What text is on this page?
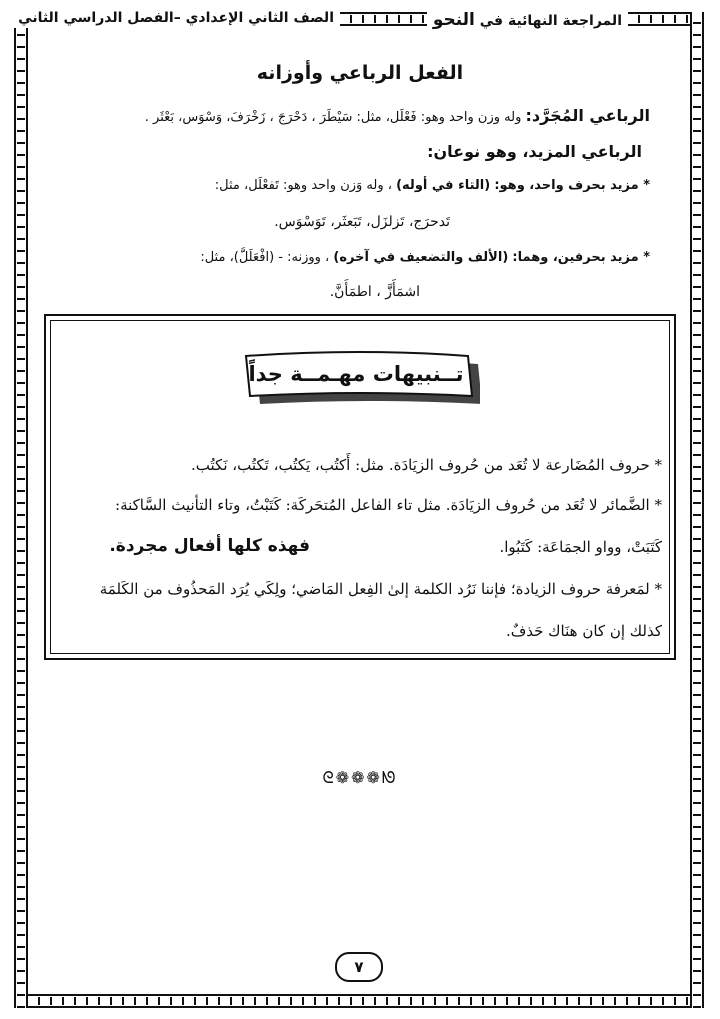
المراجعة النهائية في النحو
الصف الثاني الإعدادي –الفصل الدراسي الثاني
الفعل الرباعي وأوزانه
الرباعي المُجَرَّد: وله وزن واحد وهو: فَعْلَل، مثل: سَيْطَرَ ، دَحْرَجَ ، زَخْرَفَ، وَسْوَس، بَعْثَر .
الرباعي المزيد، وهو نوعان:
* مزيد بحرف واحد، وهو: (التاء في أوله) ، وله وَزن واحد وهو: تَفعْلَل، مثل:
تَدحرَج، تَزلزَل، تَبَعثَر، تَوَسْوَس.
* مزيد بحرفين، وهما: (الألف والتضعيف في آخره) ، ووزنه: - (افْعَلَلَّ)، مثل:
اشمَأَزَّ ، اطمَأَنَّ.
تــنبيهات مهـمــة جداً
* حروف المُضَارعة لا تُعَد من حُروف الزيَادَة. مثل: أَكتُب، يَكتُب، تَكتُب، نَكتُب.
* الضَّمائر لا تُعَد من حُروف الزيَادَة. مثل تاء الفاعل المُتحَركَة: كَتَبْتُ، وتاء التأنيث السَّاكنة:
كَتَبَتْ، وواو الجمَاعَة: كَتَبُوا.
فهذه كلها أفعال مجردة.
* لمَعرفة حروف الزيادة؛ فإننا نَرُد الكلمة إلىٰ الفِعل المَاضي؛ ولِكَي يُرَد المَحذُوف من الكَلمَة
كذلك إن كان هنَاك حَذفٌ.
ᘓ❁❁❁ᘚ
٧
